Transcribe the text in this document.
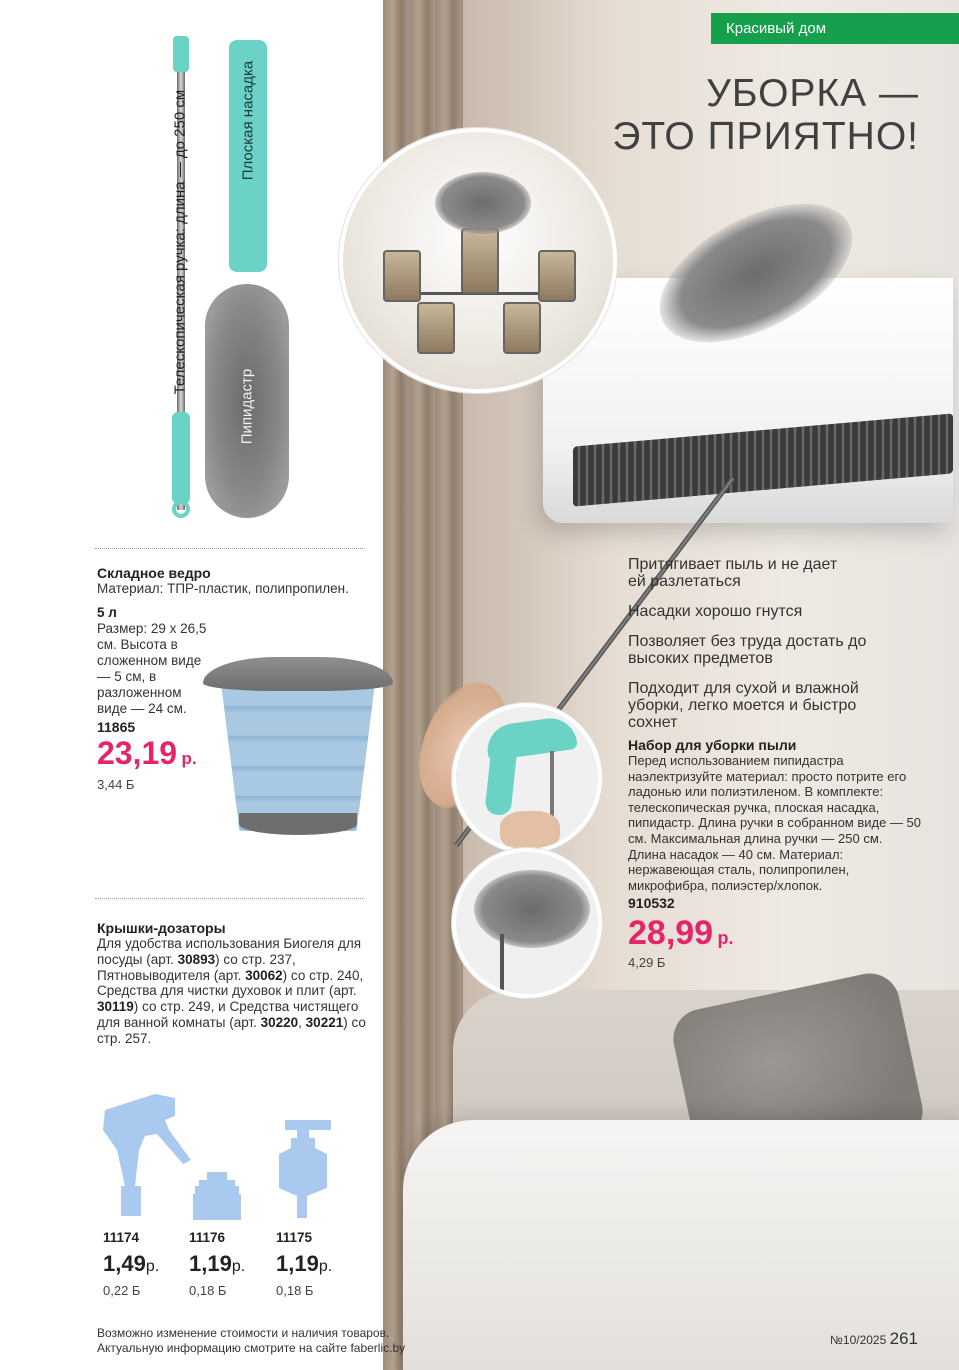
Красивый дом
УБОРКА —
ЭТО ПРИЯТНО!
Телескопическая ручка: длина — до 250 см	Плоская насадка
Пипидастр
Складное ведро
Материал: ТПР-пластик, полипропилен.
5 л
Размер: 29 x 26,5 см. Высота в сложенном виде — 5 см, в разложенном виде — 24 см.
11865
23,19 р.
3,44 Б
Крышки-дозаторы
Для удобства использования Биогеля для посуды (арт. 30893) со стр. 237, Пятновыводителя (арт. 30062) со стр. 240, Средства для чистки духовок и плит (арт. 30119) со стр. 249, и Средства чистящего для ванной комнаты (арт. 30220, 30221) со стр. 257.
11174
1,49р.
0,22 Б
11176
1,19р.
0,18 Б
11175
1,19р.
0,18 Б
Притягивает пыль и не дает ей разлетаться
Насадки хорошо гнутся
Позволяет без труда достать до высоких предметов
Подходит для сухой и влажной уборки, легко моется и быстро сохнет
Набор для уборки пыли
Перед использованием пипидастра наэлектризуйте материал: просто потрите его ладонью или полиэтиленом. В комплекте: телескопическая ручка, плоская насадка, пипидастр. Длина ручки в собранном виде — 50 см. Максимальная длина ручки — 250 см. Длина насадок — 40 см. Материал: нержавеющая сталь, полипропилен, микрофибра, полиэстер/хлопок.
910532
28,99 р.
4,29 Б
Возможно изменение стоимости и наличия товаров.
Актуальную информацию смотрите на сайте faberlic.by
№10/2025 261
